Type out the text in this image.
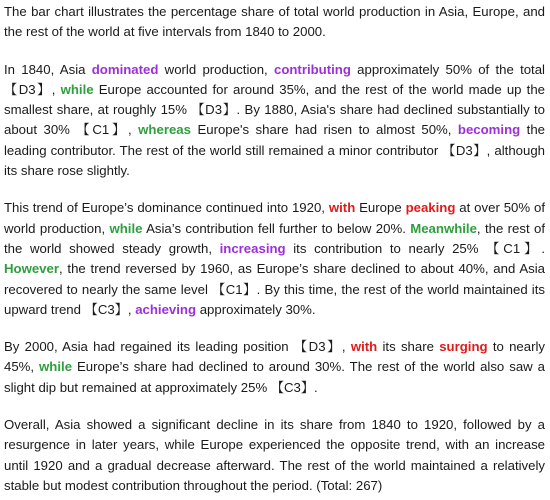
The bar chart illustrates the percentage share of total world production in Asia, Europe, and the rest of the world at five intervals from 1840 to 2000.

In 1840, Asia dominated world production, contributing approximately 50% of the total 【D3】, while Europe accounted for around 35%, and the rest of the world made up the smallest share, at roughly 15% 【D3】. By 1880, Asia's share had declined substantially to about 30% 【C1】, whereas Europe's share had risen to almost 50%, becoming the leading contributor. The rest of the world still remained a minor contributor 【D3】, although its share rose slightly.

This trend of Europe’s dominance continued into 1920, with Europe peaking at over 50% of world production, while Asia’s contribution fell further to below 20%. Meanwhile, the rest of the world showed steady growth, increasing its contribution to nearly 25% 【C1】. However, the trend reversed by 1960, as Europe’s share declined to about 40%, and Asia recovered to nearly the same level 【C1】. By this time, the rest of the world maintained its upward trend 【C3】, achieving approximately 30%.

By 2000, Asia had regained its leading position 【D3】, with its share surging to nearly 45%, while Europe’s share had declined to around 30%. The rest of the world also saw a slight dip but remained at approximately 25% 【C3】.

Overall, Asia showed a significant decline in its share from 1840 to 1920, followed by a resurgence in later years, while Europe experienced the opposite trend, with an increase until 1920 and a gradual decrease afterward. The rest of the world maintained a relatively stable but modest contribution throughout the period. (Total: 267)
